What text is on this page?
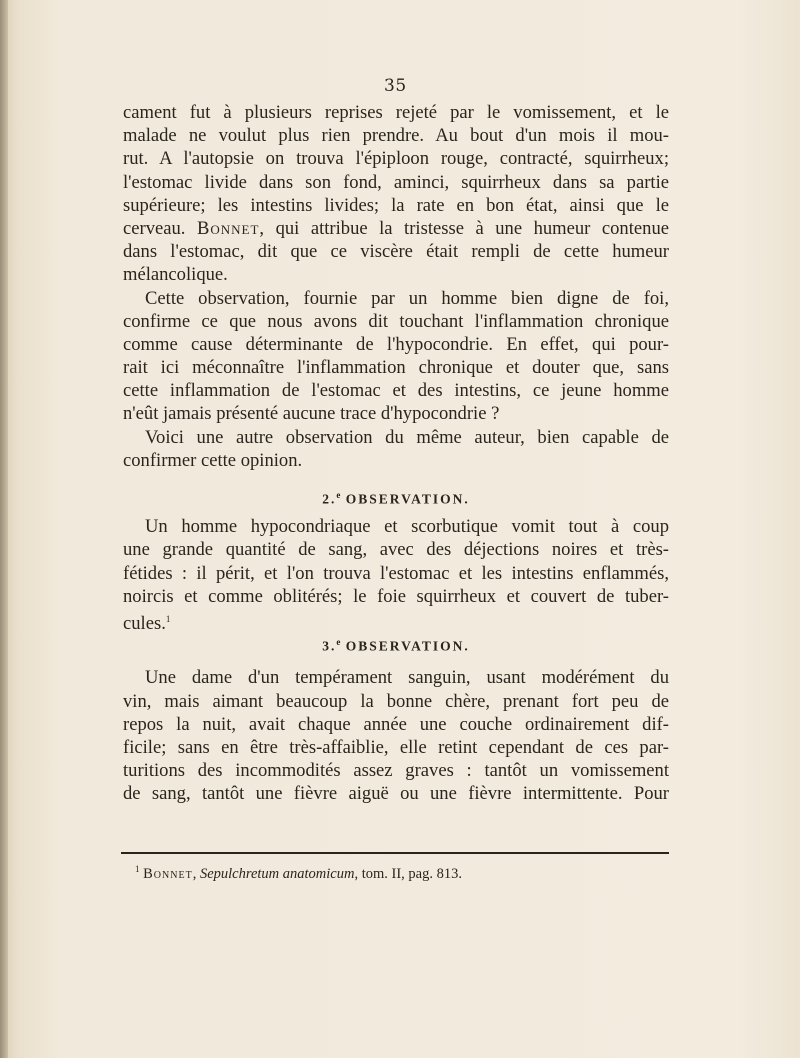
35
cament fut à plusieurs reprises rejeté par le vomissement, et le
malade ne voulut plus rien prendre. Au bout d'un mois il mou-
rut. A l'autopsie on trouva l'épiploon rouge, contracté, squirrheux;
l'estomac livide dans son fond, aminci, squirrheux dans sa partie
supérieure; les intestins livides; la rate en bon état, ainsi que le
cerveau. Bonnet, qui attribue la tristesse à une humeur contenue
dans l'estomac, dit que ce viscère était rempli de cette humeur
mélancolique.
Cette observation, fournie par un homme bien digne de foi,
confirme ce que nous avons dit touchant l'inflammation chronique
comme cause déterminante de l'hypocondrie. En effet, qui pour-
rait ici méconnaître l'inflammation chronique et douter que, sans
cette inflammation de l'estomac et des intestins, ce jeune homme
n'eût jamais présenté aucune trace d'hypocondrie ?
Voici une autre observation du même auteur, bien capable de
confirmer cette opinion.
2.$^e$ OBSERVATION.
Un homme hypocondriaque et scorbutique vomit tout à coup
une grande quantité de sang, avec des déjections noires et très-
fétides : il périt, et l'on trouva l'estomac et les intestins enflammés,
noircis et comme oblitérés; le foie squirrheux et couvert de tuber-
cules.$^1$
3.$^e$ OBSERVATION.
Une dame d'un tempérament sanguin, usant modérément du
vin, mais aimant beaucoup la bonne chère, prenant fort peu de
repos la nuit, avait chaque année une couche ordinairement dif-
ficile; sans en être très-affaiblie, elle retint cependant de ces par-
turitions des incommodités assez graves : tantôt un vomissement
de sang, tantôt une fièvre aiguë ou une fièvre intermittente. Pour
$^1$ Bonnet, Sepulchretum anatomicum, tom. II, pag. 813.
